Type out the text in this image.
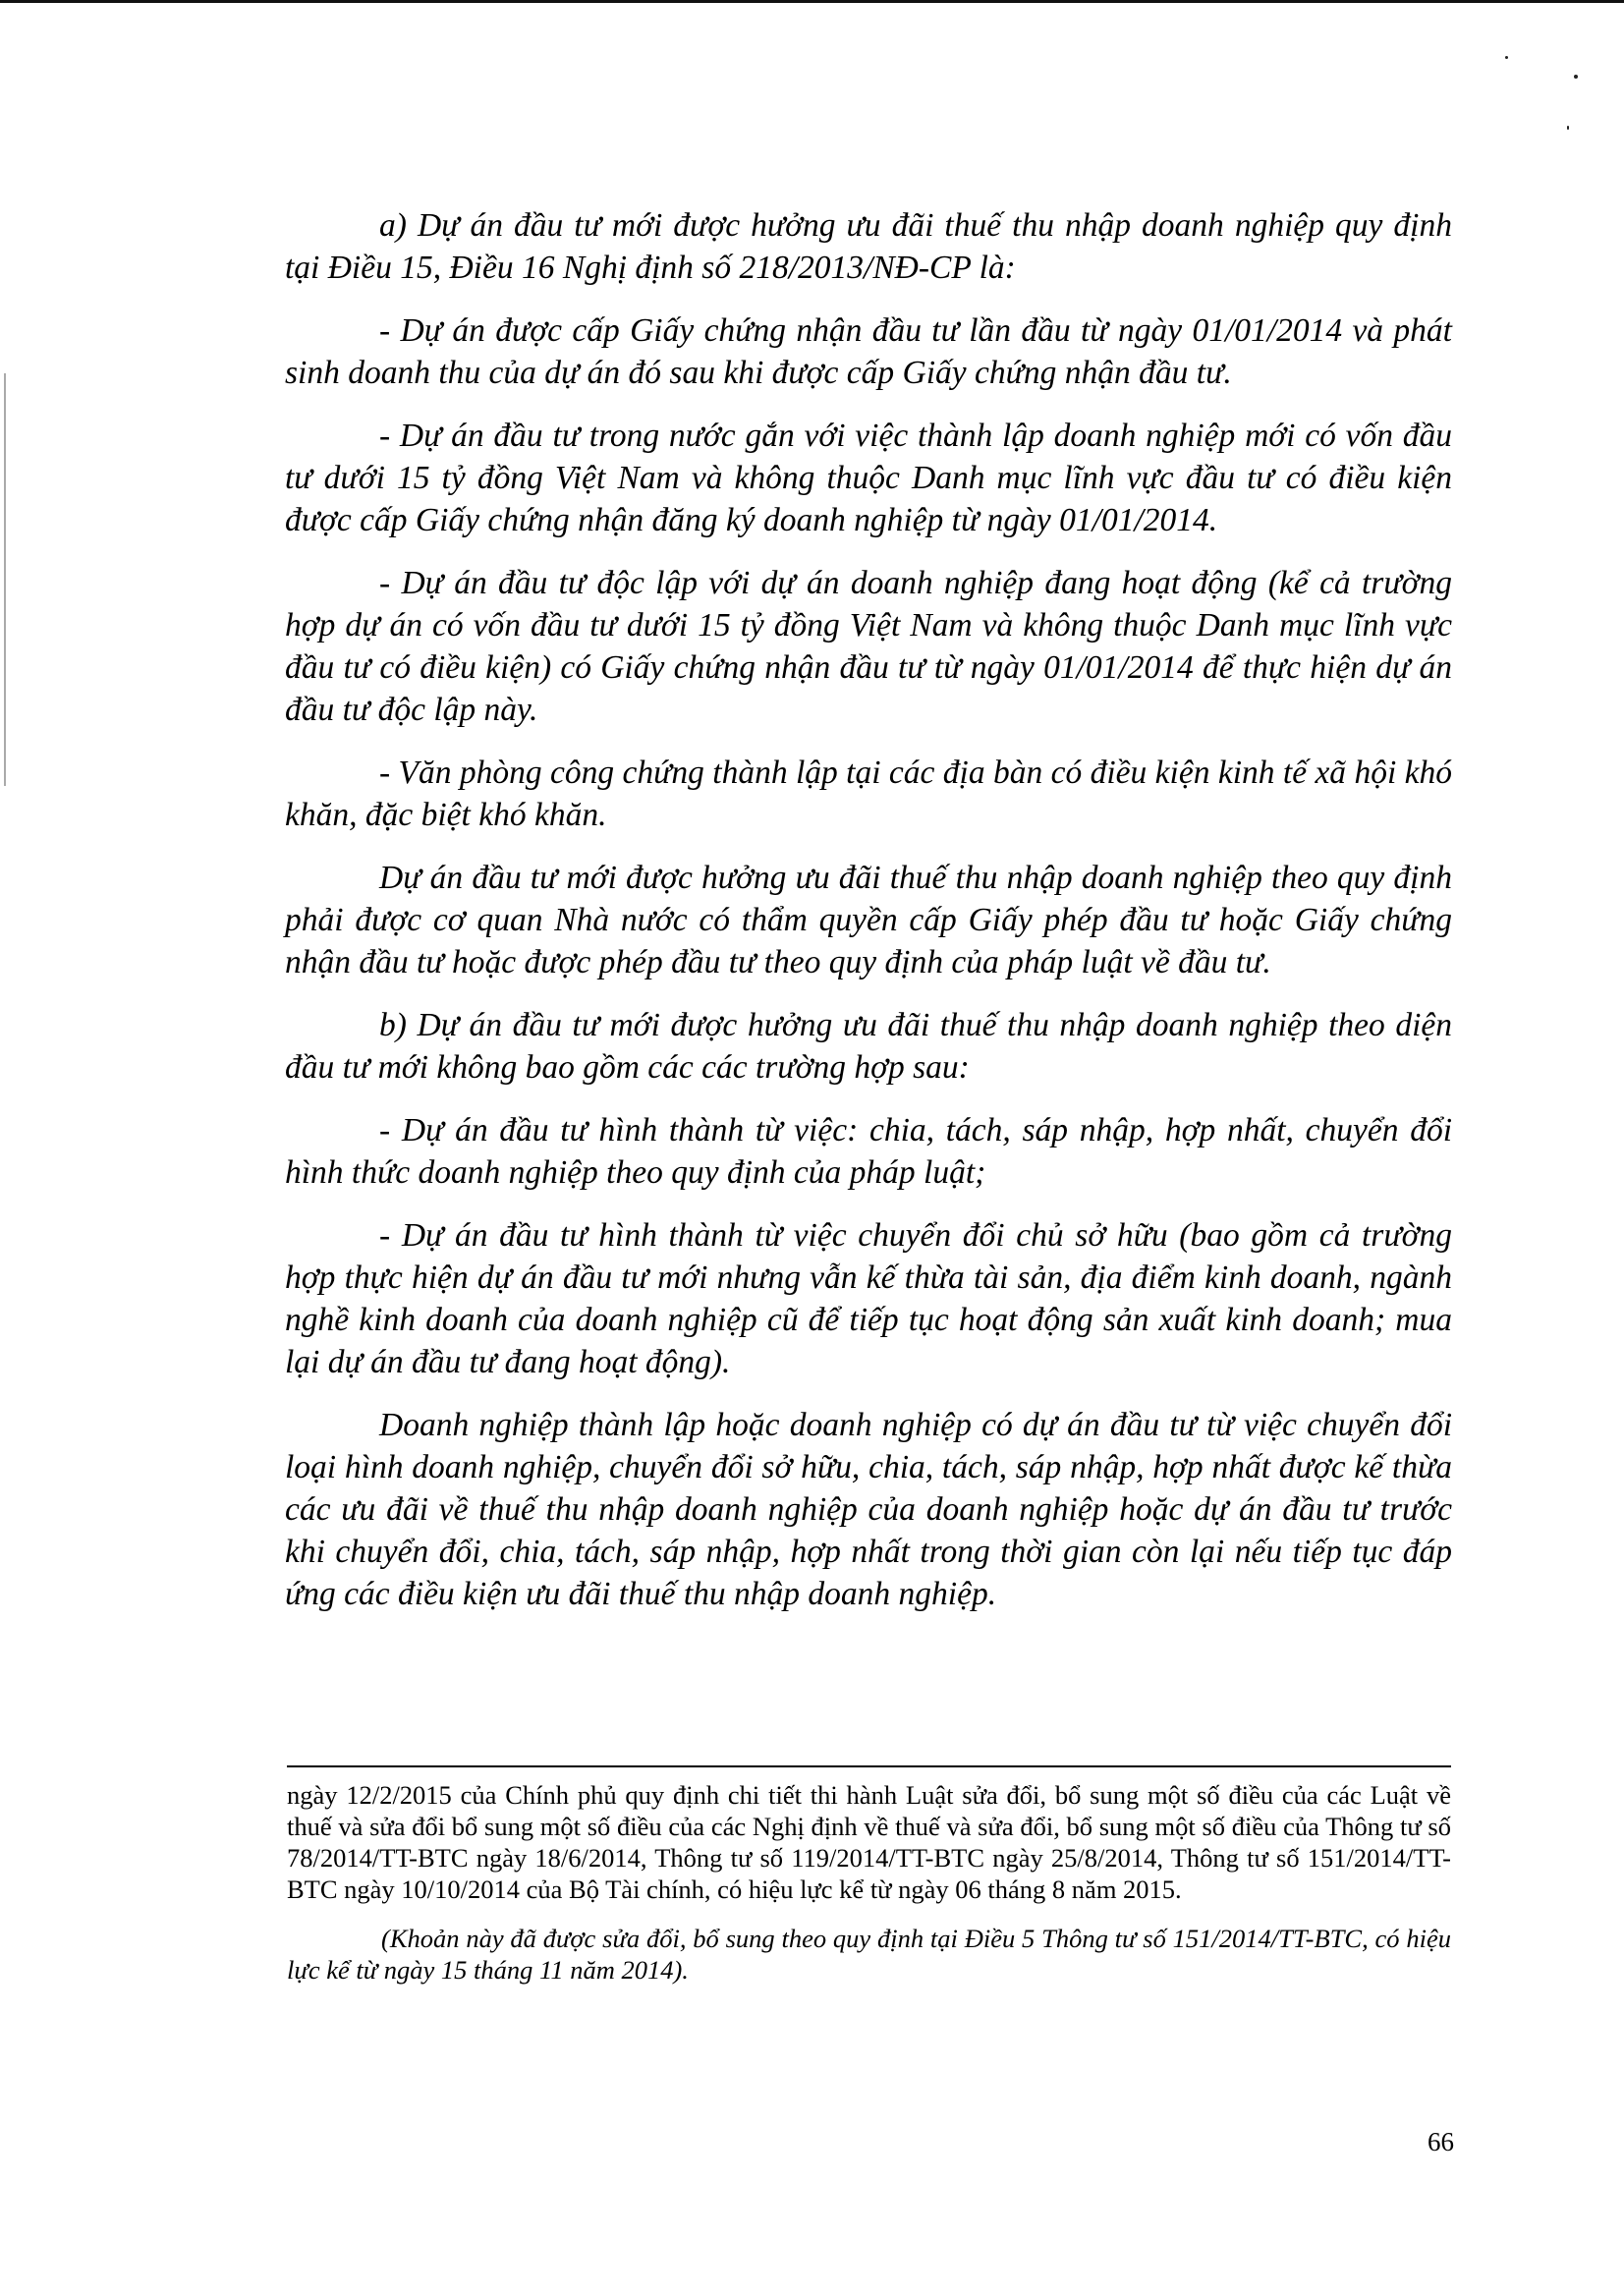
a) Dự án đầu tư mới được hưởng ưu đãi thuế thu nhập doanh nghiệp quy định tại Điều 15, Điều 16 Nghị định số 218/2013/NĐ-CP là:

- Dự án được cấp Giấy chứng nhận đầu tư lần đầu từ ngày 01/01/2014 và phát sinh doanh thu của dự án đó sau khi được cấp Giấy chứng nhận đầu tư.

- Dự án đầu tư trong nước gắn với việc thành lập doanh nghiệp mới có vốn đầu tư dưới 15 tỷ đồng Việt Nam và không thuộc Danh mục lĩnh vực đầu tư có điều kiện được cấp Giấy chứng nhận đăng ký doanh nghiệp từ ngày 01/01/2014.

- Dự án đầu tư độc lập với dự án doanh nghiệp đang hoạt động (kể cả trường hợp dự án có vốn đầu tư dưới 15 tỷ đồng Việt Nam và không thuộc Danh mục lĩnh vực đầu tư có điều kiện) có Giấy chứng nhận đầu tư từ ngày 01/01/2014 để thực hiện dự án đầu tư độc lập này.

- Văn phòng công chứng thành lập tại các địa bàn có điều kiện kinh tế xã hội khó khăn, đặc biệt khó khăn.

Dự án đầu tư mới được hưởng ưu đãi thuế thu nhập doanh nghiệp theo quy định phải được cơ quan Nhà nước có thẩm quyền cấp Giấy phép đầu tư hoặc Giấy chứng nhận đầu tư hoặc được phép đầu tư theo quy định của pháp luật về đầu tư.

b) Dự án đầu tư mới được hưởng ưu đãi thuế thu nhập doanh nghiệp theo diện đầu tư mới không bao gồm các các trường hợp sau:

- Dự án đầu tư hình thành từ việc: chia, tách, sáp nhập, hợp nhất, chuyển đổi hình thức doanh nghiệp theo quy định của pháp luật;

- Dự án đầu tư hình thành từ việc chuyển đổi chủ sở hữu (bao gồm cả trường hợp thực hiện dự án đầu tư mới nhưng vẫn kế thừa tài sản, địa điểm kinh doanh, ngành nghề kinh doanh của doanh nghiệp cũ để tiếp tục hoạt động sản xuất kinh doanh; mua lại dự án đầu tư đang hoạt động).

Doanh nghiệp thành lập hoặc doanh nghiệp có dự án đầu tư từ việc chuyển đổi loại hình doanh nghiệp, chuyển đổi sở hữu, chia, tách, sáp nhập, hợp nhất được kế thừa các ưu đãi về thuế thu nhập doanh nghiệp của doanh nghiệp hoặc dự án đầu tư trước khi chuyển đổi, chia, tách, sáp nhập, hợp nhất trong thời gian còn lại nếu tiếp tục đáp ứng các điều kiện ưu đãi thuế thu nhập doanh nghiệp.

ngày 12/2/2015 của Chính phủ quy định chi tiết thi hành Luật sửa đổi, bổ sung một số điều của các Luật về thuế và sửa đổi bổ sung một số điều của các Nghị định về thuế và sửa đổi, bổ sung một số điều của Thông tư số 78/2014/TT-BTC ngày 18/6/2014, Thông tư số 119/2014/TT-BTC ngày 25/8/2014, Thông tư số 151/2014/TT-BTC ngày 10/10/2014 của Bộ Tài chính, có hiệu lực kể từ ngày 06 tháng 8 năm 2015.

(Khoản này đã được sửa đổi, bổ sung theo quy định tại Điều 5 Thông tư số 151/2014/TT-BTC, có hiệu lực kể từ ngày 15 tháng 11 năm 2014).

66
